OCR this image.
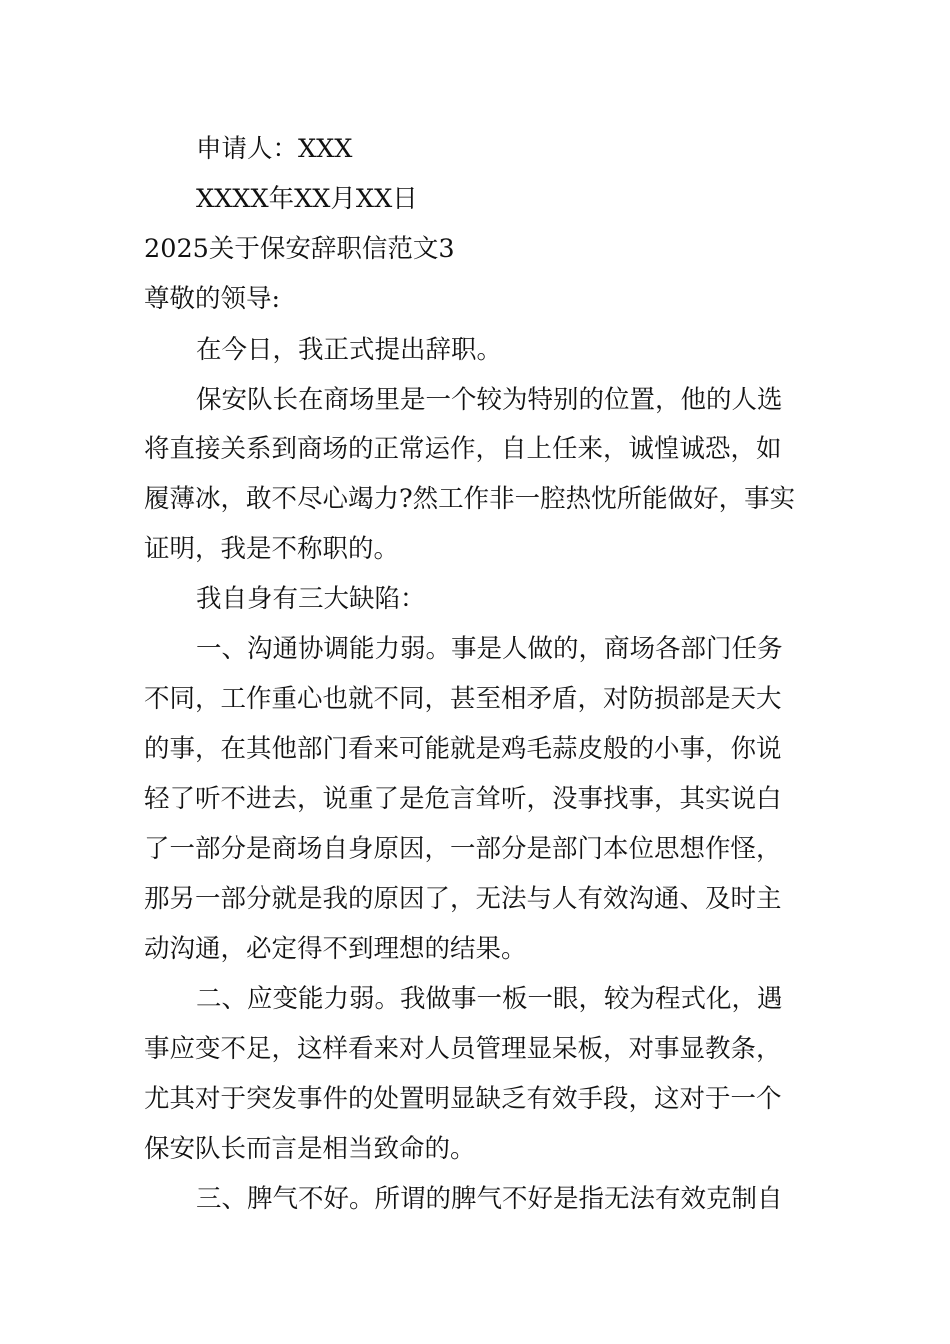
申请人：XXX
XXXX年XX月XX日
2025关于保安辞职信范文3
尊敬的领导:
在今日，我正式提出辞职。
保安队长在商场里是一个较为特别的位置，他的人选
将直接关系到商场的正常运作，自上任来，诚惶诚恐，如
履薄冰，敢不尽心竭力?然工作非一腔热忱所能做好，事实
证明，我是不称职的。
我自身有三大缺陷：
一、沟通协调能力弱。事是人做的，商场各部门任务
不同，工作重心也就不同，甚至相矛盾，对防损部是天大
的事，在其他部门看来可能就是鸡毛蒜皮般的小事，你说
轻了听不进去，说重了是危言耸听，没事找事，其实说白
了一部分是商场自身原因，一部分是部门本位思想作怪，
那另一部分就是我的原因了，无法与人有效沟通、及时主
动沟通，必定得不到理想的结果。
二、应变能力弱。我做事一板一眼，较为程式化，遇
事应变不足，这样看来对人员管理显呆板，对事显教条，
尤其对于突发事件的处置明显缺乏有效手段，这对于一个
保安队长而言是相当致命的。
三、脾气不好。所谓的脾气不好是指无法有效克制自
